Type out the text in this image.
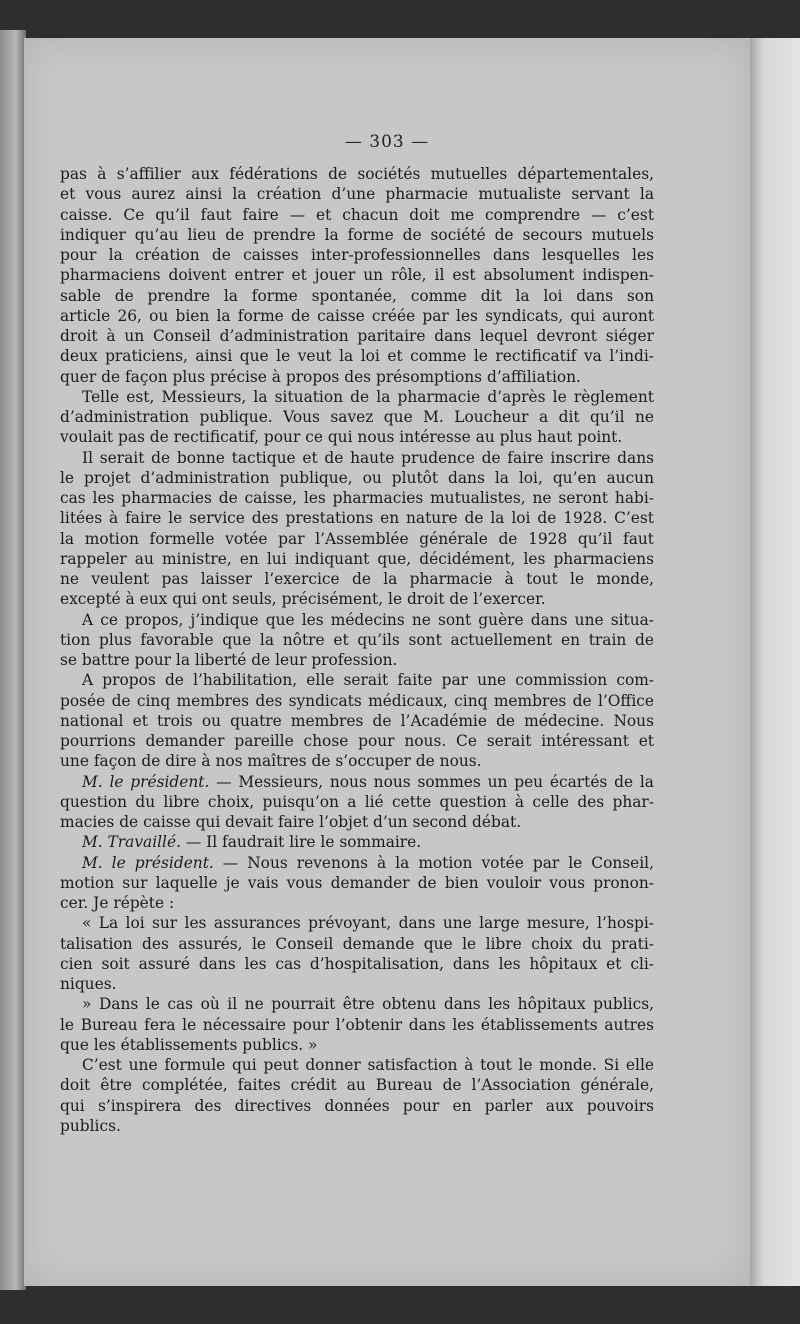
— 303 —
pas à s’affilier aux fédérations de sociétés mutuelles départementales,
et vous aurez ainsi la création d’une pharmacie mutualiste servant la
caisse. Ce qu’il faut faire — et chacun doit me comprendre — c’est
indiquer qu’au lieu de prendre la forme de société de secours mutuels
pour la création de caisses inter-professionnelles dans lesquelles les
pharmaciens doivent entrer et jouer un rôle, il est absolument indispen-
sable de prendre la forme spontanée, comme dit la loi dans son
article 26, ou bien la forme de caisse créée par les syndicats, qui auront
droit à un Conseil d’administration paritaire dans lequel devront siéger
deux praticiens, ainsi que le veut la loi et comme le rectificatif va l’indi-
quer de façon plus précise à propos des présomptions d’affiliation.
Telle est, Messieurs, la situation de la pharmacie d’après le règlement
d’administration publique. Vous savez que M. Loucheur a dit qu’il ne
voulait pas de rectificatif, pour ce qui nous intéresse au plus haut point.
Il serait de bonne tactique et de haute prudence de faire inscrire dans
le projet d’administration publique, ou plutôt dans la loi, qu’en aucun
cas les pharmacies de caisse, les pharmacies mutualistes, ne seront habi-
litées à faire le service des prestations en nature de la loi de 1928. C’est
la motion formelle votée par l’Assemblée générale de 1928 qu’il faut
rappeler au ministre, en lui indiquant que, décidément, les pharmaciens
ne veulent pas laisser l’exercice de la pharmacie à tout le monde,
excepté à eux qui ont seuls, précisément, le droit de l’exercer.
A ce propos, j’indique que les médecins ne sont guère dans une situa-
tion plus favorable que la nôtre et qu’ils sont actuellement en train de
se battre pour la liberté de leur profession.
A propos de l’habilitation, elle serait faite par une commission com-
posée de cinq membres des syndicats médicaux, cinq membres de l’Office
national et trois ou quatre membres de l’Académie de médecine. Nous
pourrions demander pareille chose pour nous. Ce serait intéressant et
une façon de dire à nos maîtres de s’occuper de nous.
M. le président. — Messieurs, nous nous sommes un peu écartés de la
question du libre choix, puisqu’on a lié cette question à celle des phar-
macies de caisse qui devait faire l’objet d’un second débat.
M. Travaillé. — Il faudrait lire le sommaire.
M. le président. — Nous revenons à la motion votée par le Conseil,
motion sur laquelle je vais vous demander de bien vouloir vous pronon-
cer. Je répète :
« La loi sur les assurances prévoyant, dans une large mesure, l’hospi-
talisation des assurés, le Conseil demande que le libre choix du prati-
cien soit assuré dans les cas d’hospitalisation, dans les hôpitaux et cli-
niques.
» Dans le cas où il ne pourrait être obtenu dans les hôpitaux publics,
le Bureau fera le nécessaire pour l’obtenir dans les établissements autres
que les établissements publics. »
C’est une formule qui peut donner satisfaction à tout le monde. Si elle
doit être complétée, faites crédit au Bureau de l’Association générale,
qui s’inspirera des directives données pour en parler aux pouvoirs
publics.
